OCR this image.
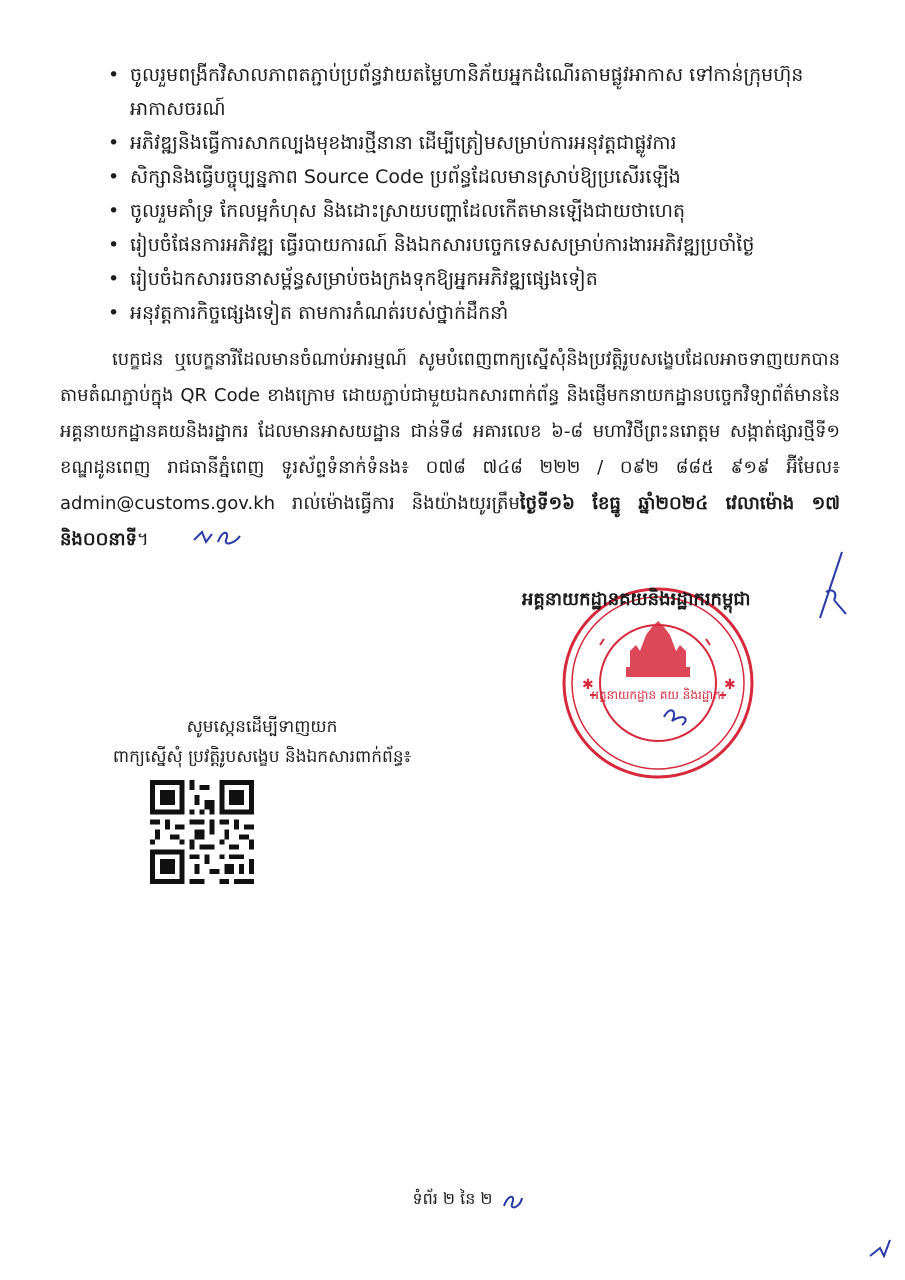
• ចូលរួមពង្រីកវិសាលភាពតភ្ជាប់ប្រព័ន្ធវាយតម្លៃហានិភ័យអ្នកដំណើរតាមផ្លូវអាកាស ទៅកាន់ក្រុមហ៊ុនអាកាសចរណ៍
• អភិវឌ្ឍនិងធ្វើការសាកល្បងមុខងារថ្មីនានា ដើម្បីត្រៀមសម្រាប់ការអនុវត្តជាផ្លូវការ
• សិក្សានិងធ្វើបច្ចុប្បន្នភាព Source Code ប្រព័ន្ធដែលមានស្រាប់ឱ្យប្រសើរឡើង
• ចូលរួមគាំទ្រ កែលម្អកំហុស និងដោះស្រាយបញ្ហាដែលកើតមានឡើងជាយថាហេតុ
• រៀបចំផែនការអភិវឌ្ឍ ធ្វើរបាយការណ៍ និងឯកសារបច្ចេកទេសសម្រាប់ការងារអភិវឌ្ឍប្រចាំថ្ងៃ
• រៀបចំឯកសាររចនាសម្ព័ន្ធសម្រាប់ចងក្រងទុកឱ្យអ្នកអភិវឌ្ឍផ្សេងទៀត
• អនុវត្តការកិច្ចផ្សេងទៀត តាមការកំណត់របស់ថ្នាក់ដឹកនាំ

បេក្ខជន ឬបេក្ខនារីដែលមានចំណាប់អារម្មណ៍ សូមបំពេញពាក្យស្នើសុំនិងប្រវត្តិរូបសង្ខេបដែលអាចទាញយកបានតាមតំណភ្ជាប់ក្នុង QR Code ខាងក្រោម ដោយភ្ជាប់ជាមួយឯកសារពាក់ព័ន្ធ និងផ្ញើមកនាយកដ្ឋានបច្ចេកវិទ្យាព័ត៌មាននៃអគ្គនាយកដ្ឋានគយនិងរដ្ឋាករ ដែលមានអាសយដ្ឋាន ជាន់ទី៨ អគារលេខ ៦-៨ មហាវិថីព្រះនរោត្តម សង្កាត់ផ្សារថ្មីទី១ ខណ្ឌដូនពេញ រាជធានីភ្នំពេញ ទូរស័ព្ទទំនាក់ទំនង៖ ០៧៨ ៧៤៨ ២២២ / ០៩២ ៨៨៥ ៩១៩ អ៊ីមែល៖ admin@customs.gov.kh រាល់ម៉ោងធ្វើការ និងយ៉ាងយូរត្រឹមថ្ងៃទី១៦ ខែធ្នូ ឆ្នាំ២០២៤ វេលាម៉ោង ១៧ និង០០នាទី។

អគ្គនាយកដ្ឋាន គយ និងរដ្ឋាករ
✱	✱
អគ្គនាយកដ្ឋានគយនិងរដ្ឋាករកម្ពុជា
សូមស្កេនដើម្បីទាញយក
ពាក្យស្នើសុំ ប្រវត្តិរូបសង្ខេប និងឯកសារពាក់ព័ន្ធ៖
ទំព័រ ២ នៃ ២
